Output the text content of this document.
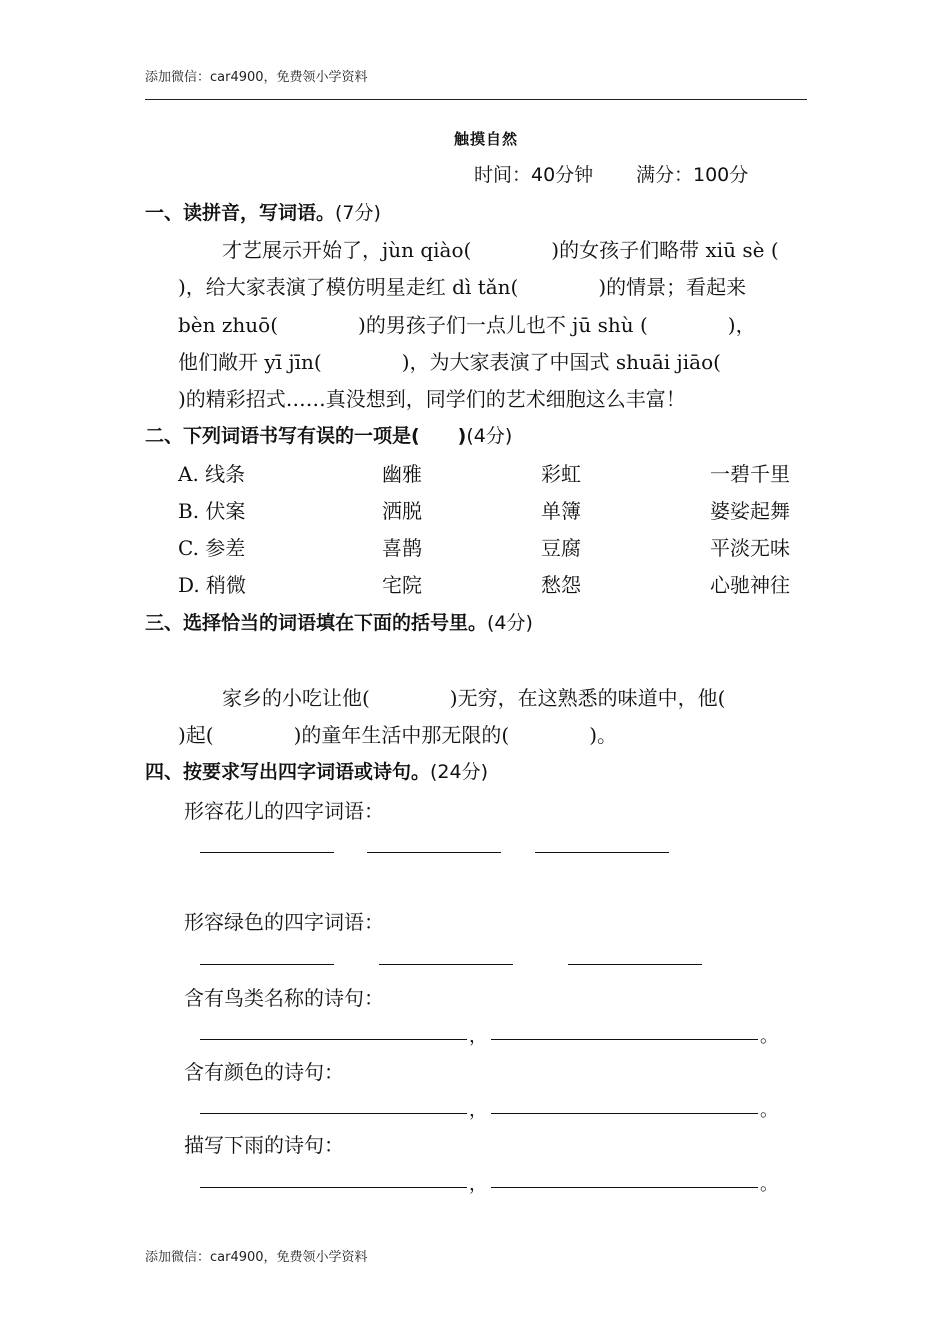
添加微信：car4900，免费领小学资料
触摸自然
时间：40分钟 满分：100分
一、读拼音，写词语。(7分)
才艺展示开始了，jùn qiào(　　　　)的女孩子们略带 xiū sè (
)，给大家表演了模仿明星走红 dì tǎn(　　　　)的情景；看起来
bèn zhuō(　　　　)的男孩子们一点儿也不 jū shù (　　　　)，
他们敞开 yī jīn(　　　　)，为大家表演了中国式 shuāi jiāo(
)的精彩招式……真没想到，同学们的艺术细胞这么丰富！
二、下列词语书写有误的一项是(　　)(4分)
A. 线条	幽雅	彩虹	一碧千里
B. 伏案	洒脱	单簿	婆娑起舞
C. 参差	喜鹊	豆腐	平淡无味
D. 稍微	宅院	愁怨	心驰神往
三、选择恰当的词语填在下面的括号里。(4分)
家乡的小吃让他(　　　　)无穷，在这熟悉的味道中，他(
)起(　　　　)的童年生活中那无限的(　　　　)。
四、按要求写出四字词语或诗句。(24分)
形容花儿的四字词语：
形容绿色的四字词语：
含有鸟类名称的诗句：
，	。
含有颜色的诗句：
，	。
描写下雨的诗句：
，	。
添加微信：car4900，免费领小学资料
